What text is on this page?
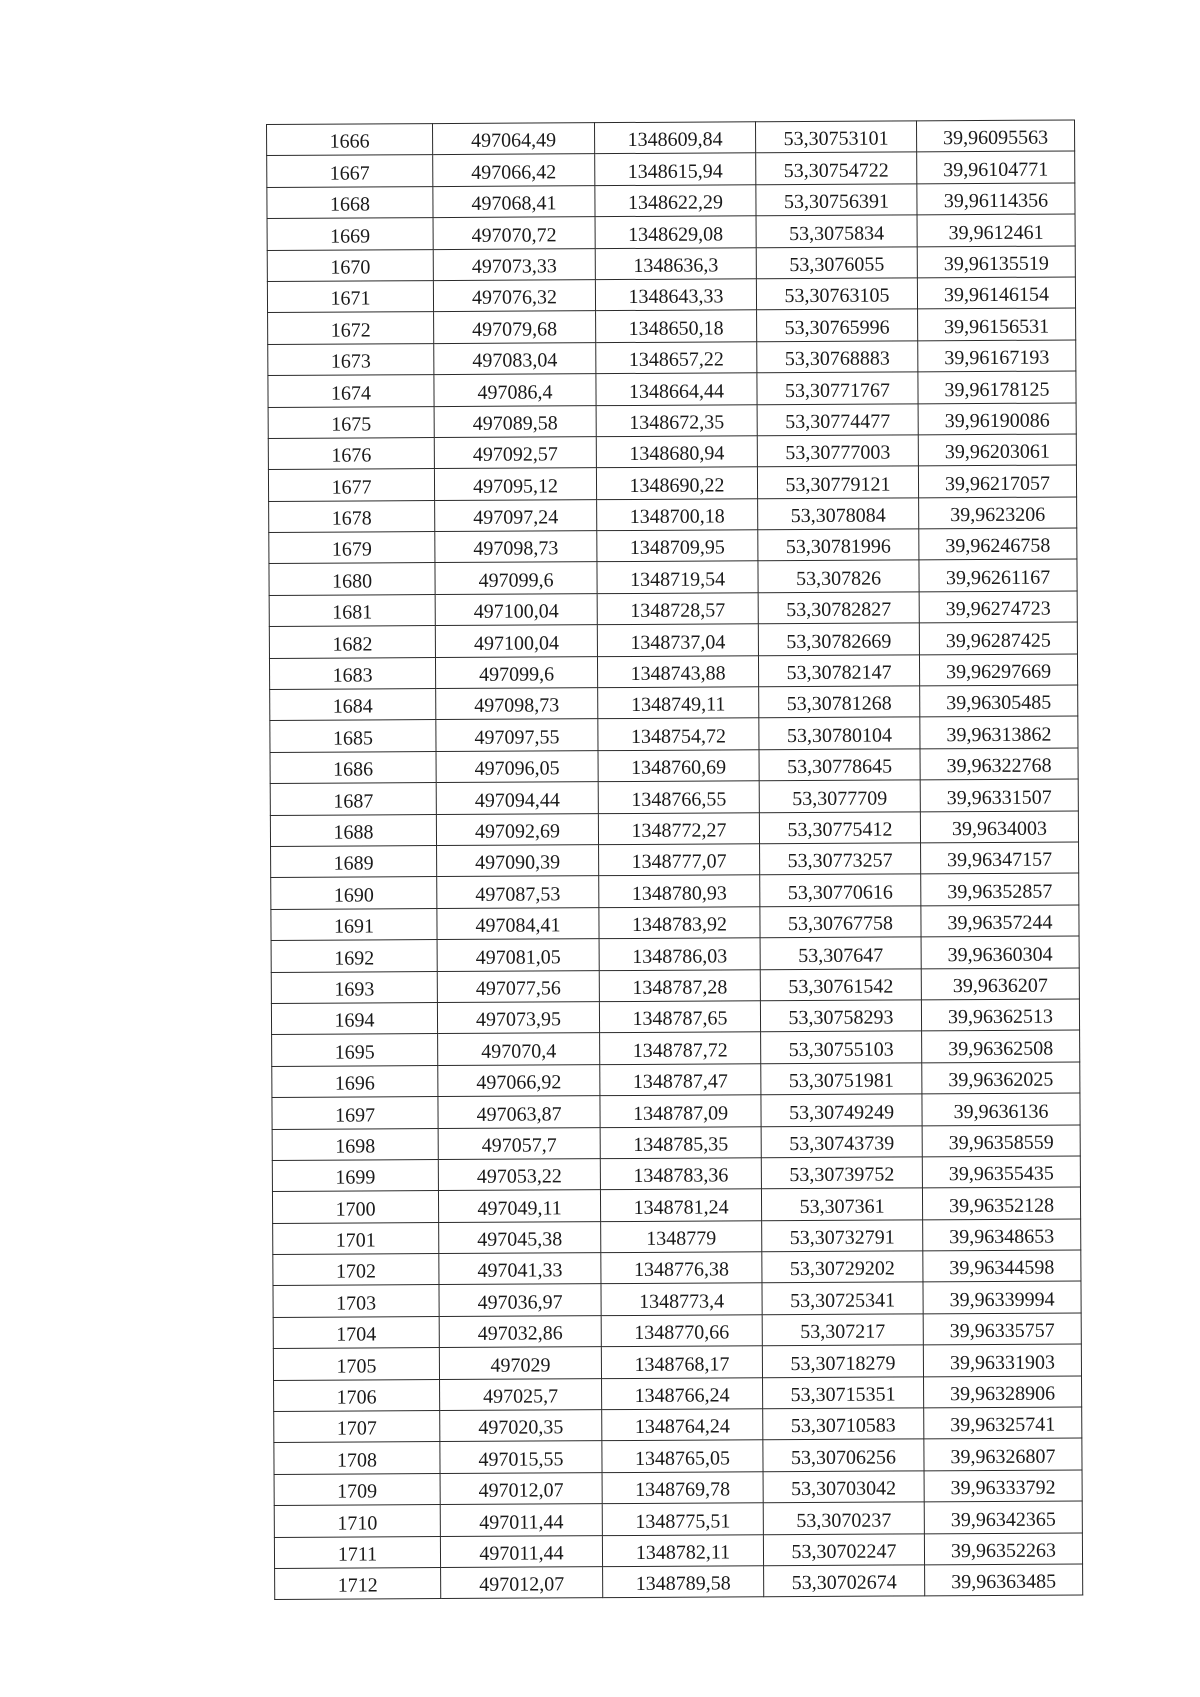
1666	497064,49	1348609,84	53,30753101	39,96095563
1667	497066,42	1348615,94	53,30754722	39,96104771
1668	497068,41	1348622,29	53,30756391	39,96114356
1669	497070,72	1348629,08	53,3075834	39,9612461
1670	497073,33	1348636,3	53,3076055	39,96135519
1671	497076,32	1348643,33	53,30763105	39,96146154
1672	497079,68	1348650,18	53,30765996	39,96156531
1673	497083,04	1348657,22	53,30768883	39,96167193
1674	497086,4	1348664,44	53,30771767	39,96178125
1675	497089,58	1348672,35	53,30774477	39,96190086
1676	497092,57	1348680,94	53,30777003	39,96203061
1677	497095,12	1348690,22	53,30779121	39,96217057
1678	497097,24	1348700,18	53,3078084	39,9623206
1679	497098,73	1348709,95	53,30781996	39,96246758
1680	497099,6	1348719,54	53,307826	39,96261167
1681	497100,04	1348728,57	53,30782827	39,96274723
1682	497100,04	1348737,04	53,30782669	39,96287425
1683	497099,6	1348743,88	53,30782147	39,96297669
1684	497098,73	1348749,11	53,30781268	39,96305485
1685	497097,55	1348754,72	53,30780104	39,96313862
1686	497096,05	1348760,69	53,30778645	39,96322768
1687	497094,44	1348766,55	53,3077709	39,96331507
1688	497092,69	1348772,27	53,30775412	39,9634003
1689	497090,39	1348777,07	53,30773257	39,96347157
1690	497087,53	1348780,93	53,30770616	39,96352857
1691	497084,41	1348783,92	53,30767758	39,96357244
1692	497081,05	1348786,03	53,307647	39,96360304
1693	497077,56	1348787,28	53,30761542	39,9636207
1694	497073,95	1348787,65	53,30758293	39,96362513
1695	497070,4	1348787,72	53,30755103	39,96362508
1696	497066,92	1348787,47	53,30751981	39,96362025
1697	497063,87	1348787,09	53,30749249	39,9636136
1698	497057,7	1348785,35	53,30743739	39,96358559
1699	497053,22	1348783,36	53,30739752	39,96355435
1700	497049,11	1348781,24	53,307361	39,96352128
1701	497045,38	1348779	53,30732791	39,96348653
1702	497041,33	1348776,38	53,30729202	39,96344598
1703	497036,97	1348773,4	53,30725341	39,96339994
1704	497032,86	1348770,66	53,307217	39,96335757
1705	497029	1348768,17	53,30718279	39,96331903
1706	497025,7	1348766,24	53,30715351	39,96328906
1707	497020,35	1348764,24	53,30710583	39,96325741
1708	497015,55	1348765,05	53,30706256	39,96326807
1709	497012,07	1348769,78	53,30703042	39,96333792
1710	497011,44	1348775,51	53,3070237	39,96342365
1711	497011,44	1348782,11	53,30702247	39,96352263
1712	497012,07	1348789,58	53,30702674	39,96363485
